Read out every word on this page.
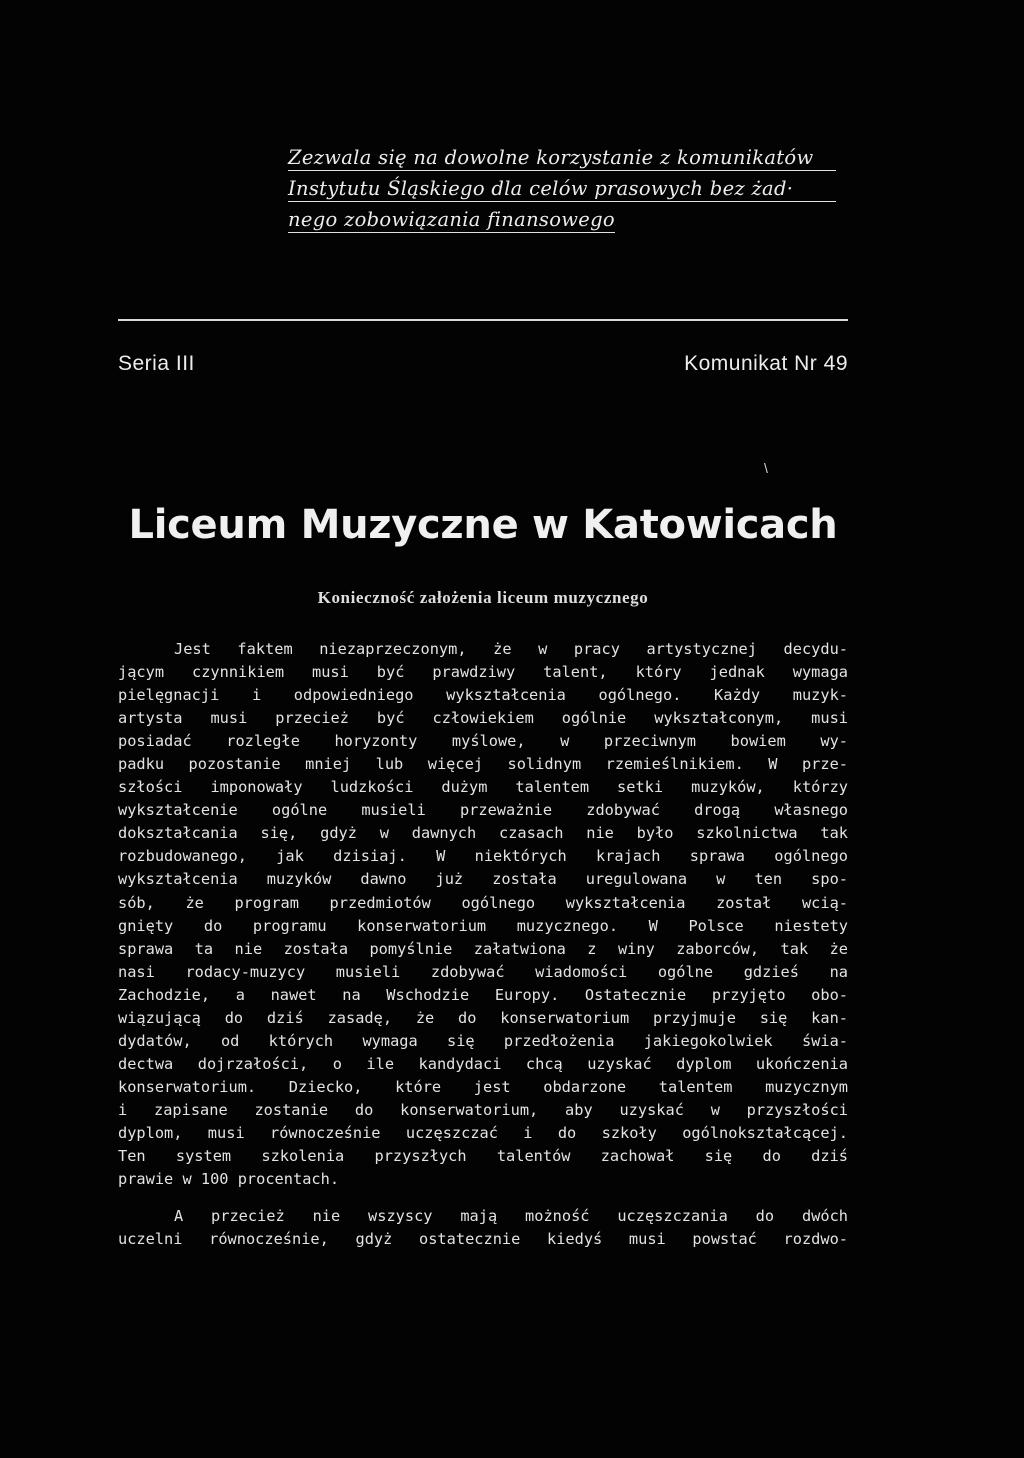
Zezwala się na dowolne korzystanie z komunikatów
Instytutu Śląskiego dla celów prasowych bez żad·
nego zobowiązania finansowego
Seria III	Komunikat Nr 49
\
Liceum Muzyczne w Katowicach
Konieczność założenia liceum muzycznego
Jest faktem niezaprzeczonym, że w pracy artystycznej decydu-
jącym czynnikiem musi być prawdziwy talent, który jednak wymaga
pielęgnacji i odpowiedniego wykształcenia ogólnego. Każdy muzyk-
artysta musi przecież być człowiekiem ogólnie wykształconym, musi
posiadać rozległe horyzonty myślowe, w przeciwnym bowiem wy-
padku pozostanie mniej lub więcej solidnym rzemieślnikiem. W prze-
szłości imponowały ludzkości dużym talentem setki muzyków, którzy
wykształcenie ogólne musieli przeważnie zdobywać drogą własnego
dokształcania się, gdyż w dawnych czasach nie było szkolnictwa tak
rozbudowanego, jak dzisiaj. W niektórych krajach sprawa ogólnego
wykształcenia muzyków dawno już została uregulowana w ten spo-
sób, że program przedmiotów ogólnego wykształcenia został wcią-
gnięty do programu konserwatorium muzycznego. W Polsce niestety
sprawa ta nie została pomyślnie załatwiona z winy zaborców, tak że
nasi rodacy-muzycy musieli zdobywać wiadomości ogólne gdzieś na
Zachodzie, a nawet na Wschodzie Europy. Ostatecznie przyjęto obo-
wiązującą do dziś zasadę, że do konserwatorium przyjmuje się kan-
dydatów, od których wymaga się przedłożenia jakiegokolwiek świa-
dectwa dojrzałości, o ile kandydaci chcą uzyskać dyplom ukończenia
konserwatorium. Dziecko, które jest obdarzone talentem muzycznym
i zapisane zostanie do konserwatorium, aby uzyskać w przyszłości
dyplom, musi równocześnie uczęszczać i do szkoły ogólnokształcącej.
Ten system szkolenia przyszłych talentów zachował się do dziś
prawie w 100 procentach.
A przecież nie wszyscy mają możność uczęszczania do dwóch
uczelni równocześnie, gdyż ostatecznie kiedyś musi powstać rozdwo-
